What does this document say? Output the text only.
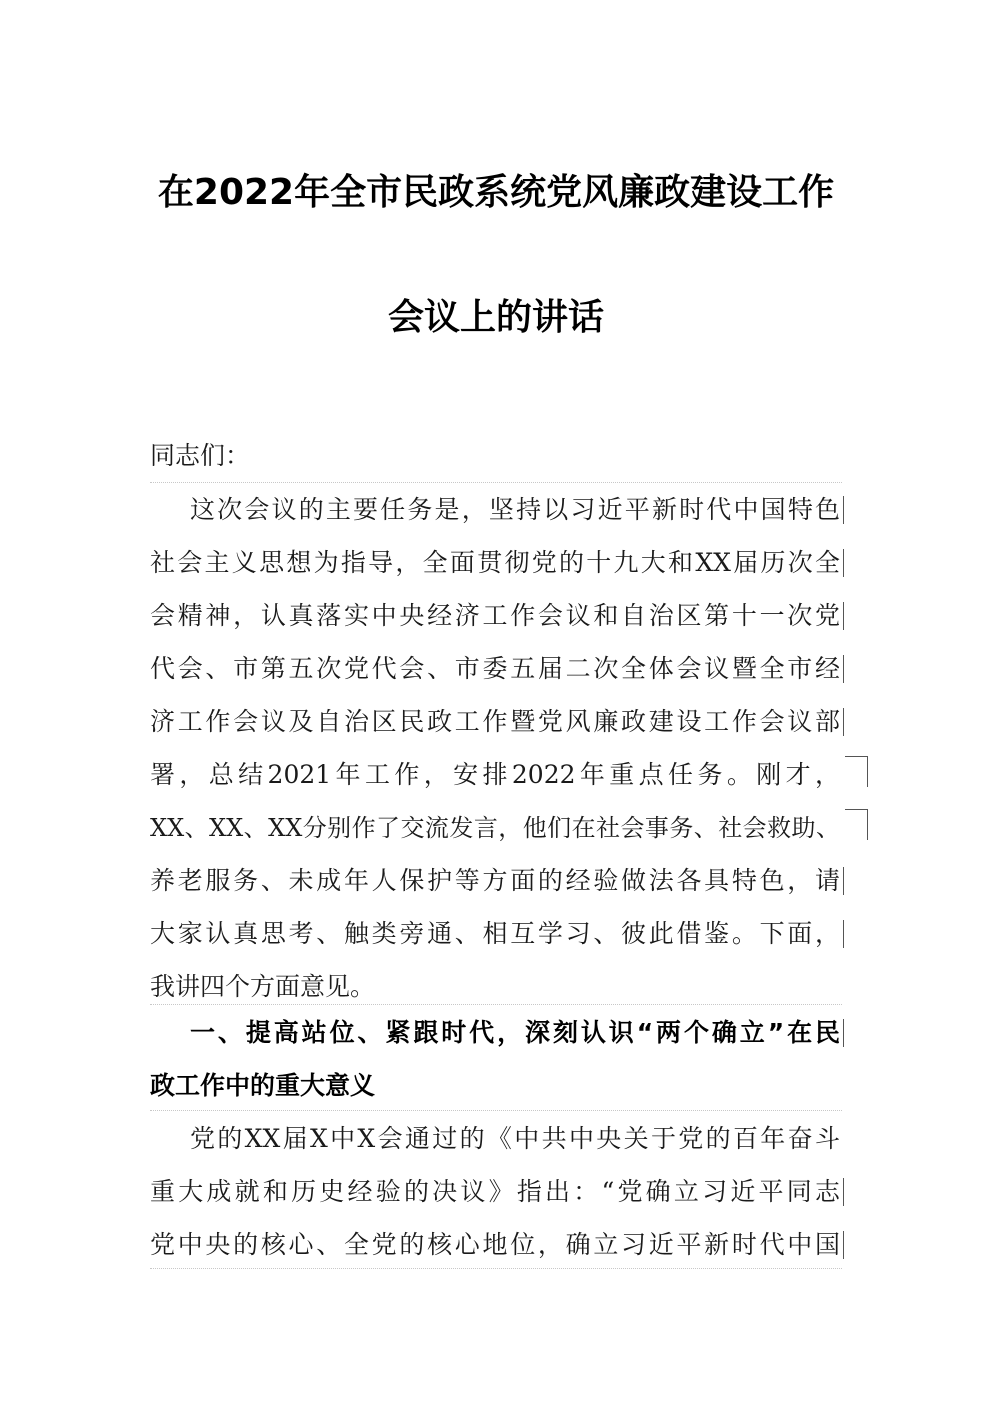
在2022年全市民政系统党风廉政建设工作
会议上的讲话
同志们：
这次会议的主要任务是，坚持以习近平新时代中国特色
社会主义思想为指导，全面贯彻党的十九大和XX届历次全
会精神，认真落实中央经济工作会议和自治区第十一次党
代会、市第五次党代会、市委五届二次全体会议暨全市经
济工作会议及自治区民政工作暨党风廉政建设工作会议部
署，总结2021年工作，安排2022年重点任务。刚才，
XX、XX、XX分别作了交流发言，他们在社会事务、社会救助、
养老服务、未成年人保护等方面的经验做法各具特色，请
大家认真思考、触类旁通、相互学习、彼此借鉴。下面，
我讲四个方面意见。
一、提高站位、紧跟时代，深刻认识“两个确立”在民
政工作中的重大意义
党的XX届X中X会通过的《中共中央关于党的百年奋斗
重大成就和历史经验的决议》指出：“党确立习近平同志
党中央的核心、全党的核心地位，确立习近平新时代中国
